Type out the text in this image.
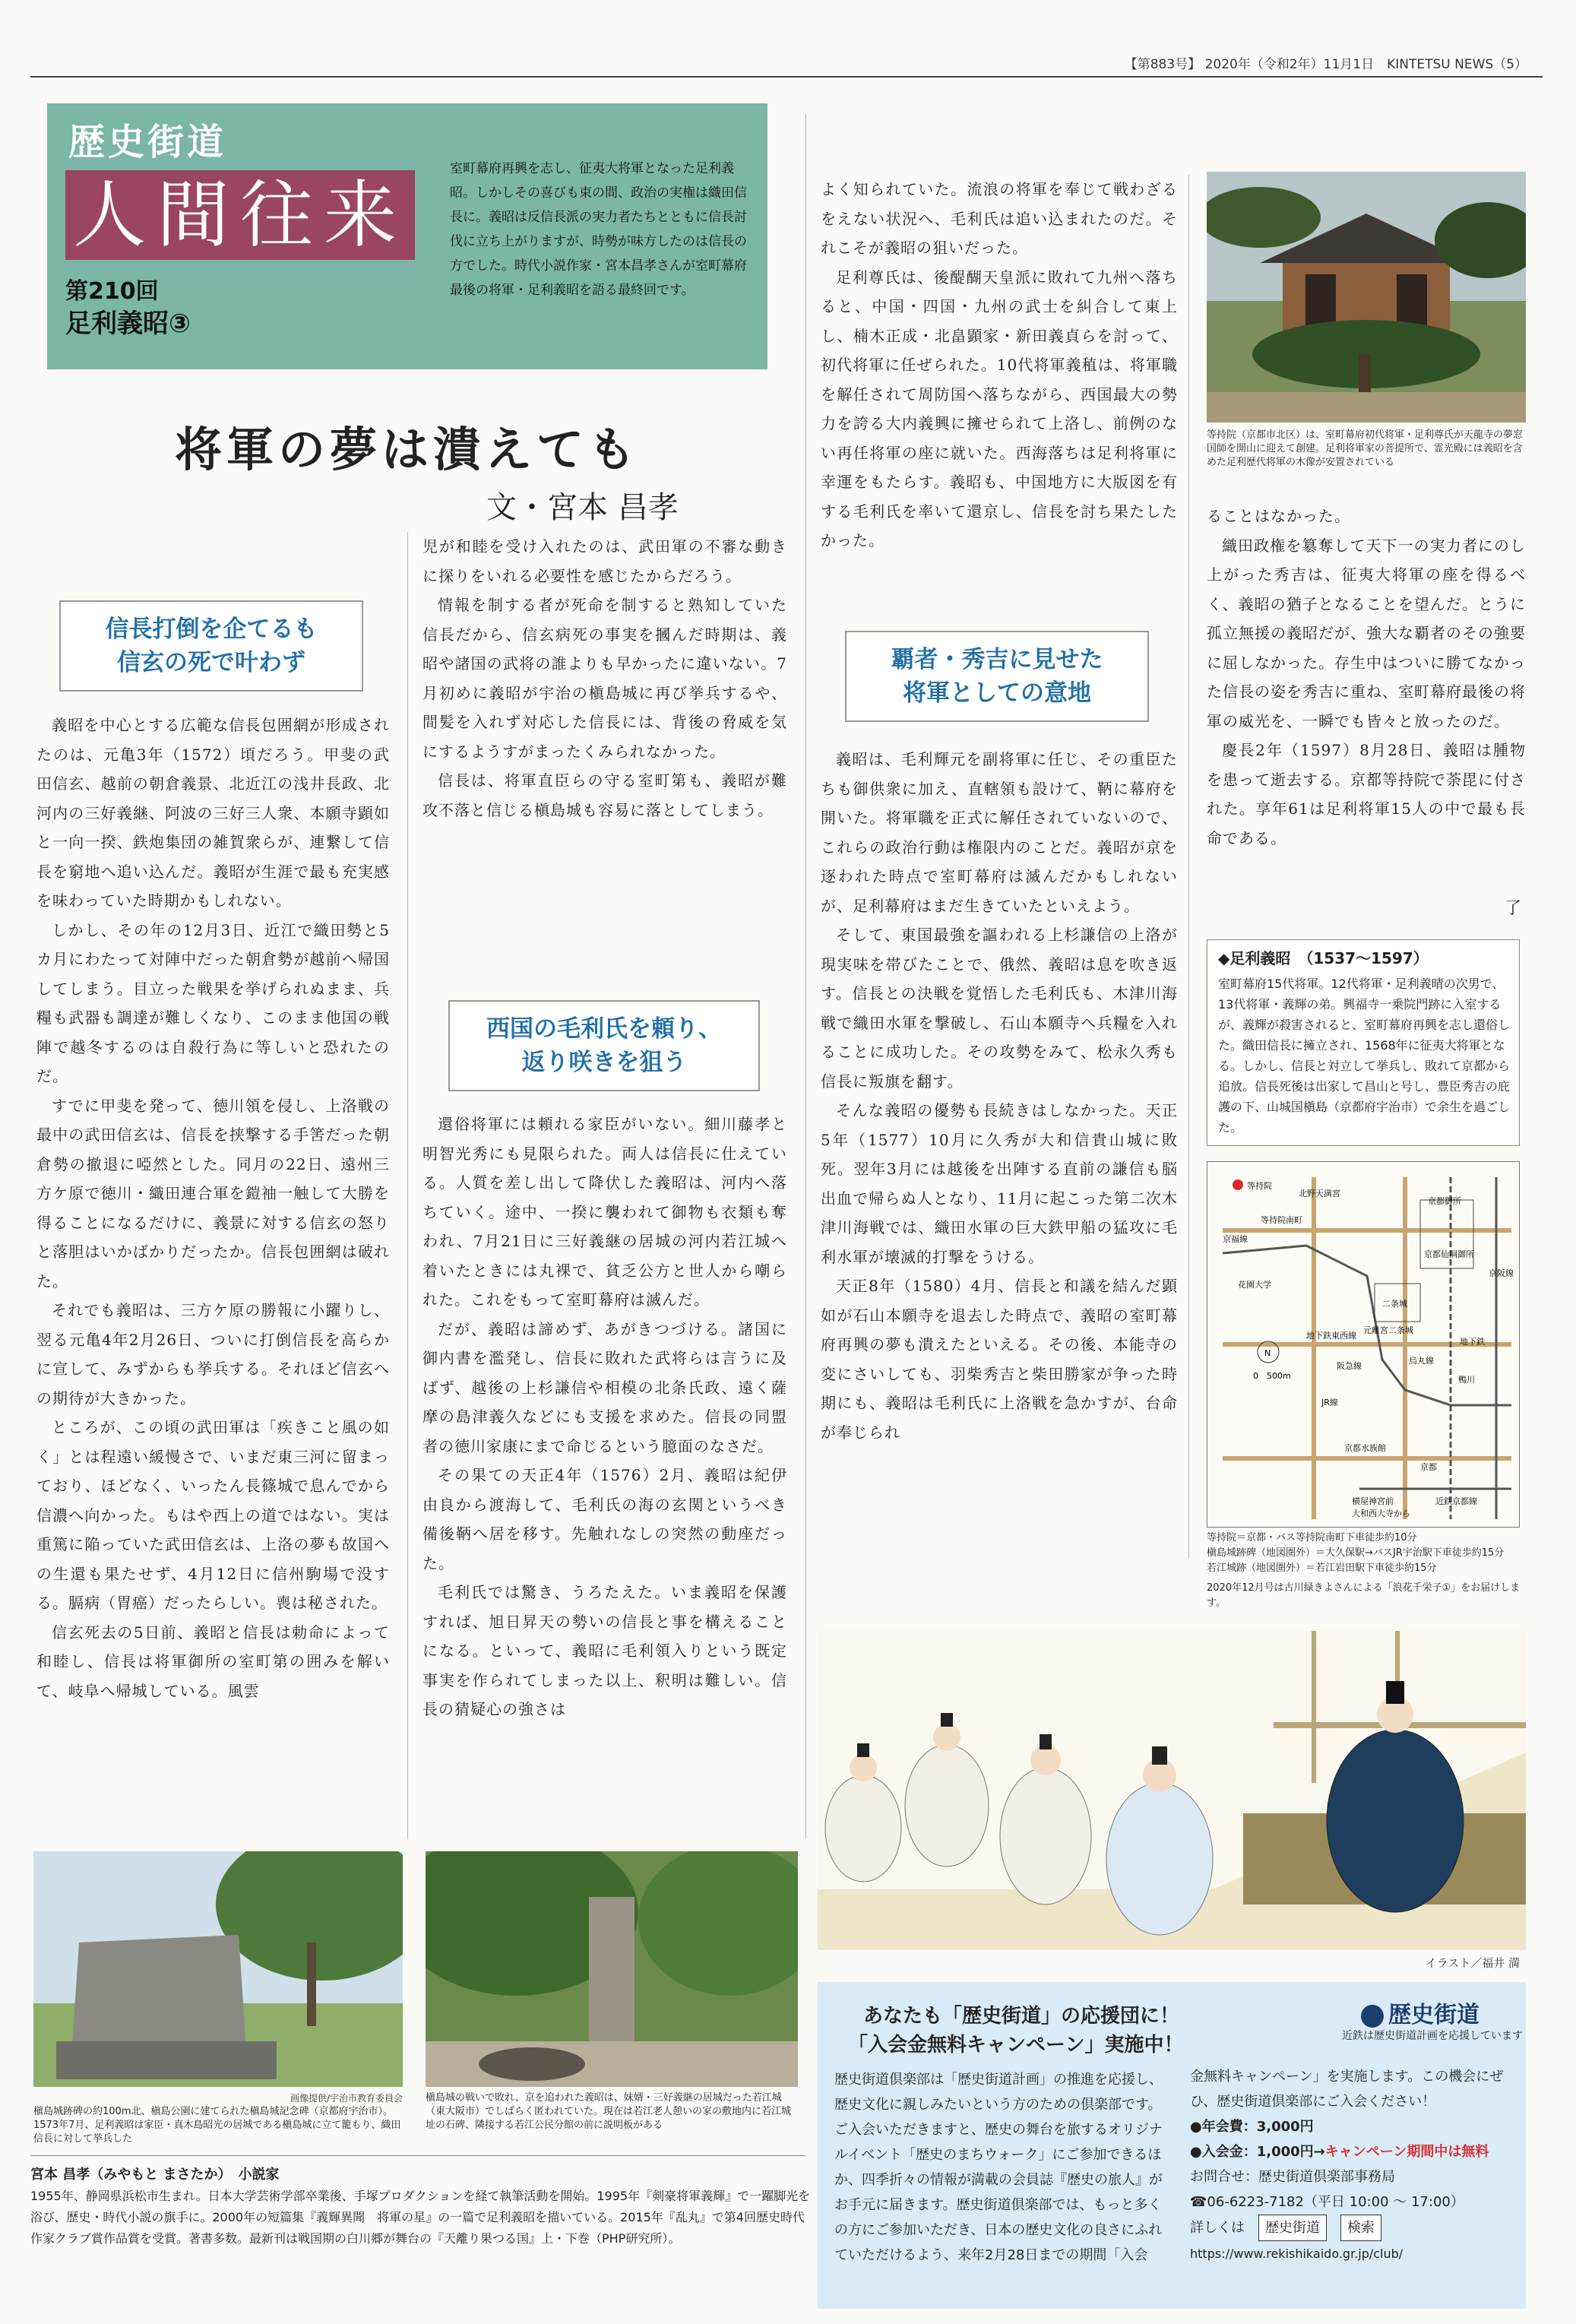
【第883号】 2020年（令和2年）11月1日　KINTETSU NEWS（5）
歴史街道
人間往来
第210回
足利義昭③
室町幕府再興を志し、征夷大将軍となった足利義昭。しかしその喜びも束の間、政治の実権は織田信長に。義昭は反信長派の実力者たちとともに信長討伐に立ち上がりますが、時勢が味方したのは信長の方でした。時代小説作家・宮本昌孝さんが室町幕府最後の将軍・足利義昭を語る最終回です。
将軍の夢は潰えても
文・宮本 昌孝
信長打倒を企てるも
信玄の死で叶わず
西国の毛利氏を頼り、
返り咲きを狙う
覇者・秀吉に見せた
将軍としての意地

義昭を中心とする広範な信長包囲網が形成されたのは、元亀3年（1572）頃だろう。甲斐の武田信玄、越前の朝倉義景、北近江の浅井長政、北河内の三好義継、阿波の三好三人衆、本願寺顕如と一向一揆、鉄炮集団の雑賀衆らが、連繋して信長を窮地へ追い込んだ。義昭が生涯で最も充実感を味わっていた時期かもしれない。

しかし、その年の12月3日、近江で織田勢と5カ月にわたって対陣中だった朝倉勢が越前へ帰国してしまう。目立った戦果を挙げられぬまま、兵糧も武器も調達が難しくなり、このまま他国の戦陣で越冬するのは自殺行為に等しいと恐れたのだ。

すでに甲斐を発って、徳川領を侵し、上洛戦の最中の武田信玄は、信長を挟撃する手筈だった朝倉勢の撤退に啞然とした。同月の22日、遠州三方ケ原で徳川・織田連合軍を鎧袖一触して大勝を得ることになるだけに、義景に対する信玄の怒りと落胆はいかばかりだったか。信長包囲網は破れた。

それでも義昭は、三方ケ原の勝報に小躍りし、翌る元亀4年2月26日、ついに打倒信長を高らかに宣して、みずからも挙兵する。それほど信玄への期待が大きかった。

ところが、この頃の武田軍は「疾きこと風の如く」とは程遠い緩慢さで、いまだ東三河に留まっており、ほどなく、いったん長篠城で息んでから信濃へ向かった。もはや西上の道ではない。実は重篤に陥っていた武田信玄は、上洛の夢も故国への生還も果たせず、4月12日に信州駒場で没する。膈病（胃癌）だったらしい。喪は秘された。

信玄死去の5日前、義昭と信長は勅命によって和睦し、信長は将軍御所の室町第の囲みを解いて、岐阜へ帰城している。風雲

児が和睦を受け入れたのは、武田軍の不審な動きに探りをいれる必要性を感じたからだろう。

情報を制する者が死命を制すると熟知していた信長だから、信玄病死の事実を摑んだ時期は、義昭や諸国の武将の誰よりも早かったに違いない。7月初めに義昭が宇治の槇島城に再び挙兵するや、間髪を入れず対応した信長には、背後の脅威を気にするようすがまったくみられなかった。

信長は、将軍直臣らの守る室町第も、義昭が難攻不落と信じる槇島城も容易に落としてしまう。

還俗将軍には頼れる家臣がいない。細川藤孝と明智光秀にも見限られた。両人は信長に仕えている。人質を差し出して降伏した義昭は、河内へ落ちていく。途中、一揆に襲われて御物も衣類も奪われ、7月21日に三好義継の居城の河内若江城へ着いたときには丸裸で、貧乏公方と世人から嘲られた。これをもって室町幕府は滅んだ。

だが、義昭は諦めず、あがきつづける。諸国に御内書を濫発し、信長に敗れた武将らは言うに及ばず、越後の上杉謙信や相模の北条氏政、遠く薩摩の島津義久などにも支援を求めた。信長の同盟者の徳川家康にまで命じるという臆面のなさだ。

その果ての天正4年（1576）2月、義昭は紀伊由良から渡海して、毛利氏の海の玄関というべき備後鞆へ居を移す。先触れなしの突然の動座だった。

毛利氏では驚き、うろたえた。いま義昭を保護すれば、旭日昇天の勢いの信長と事を構えることになる。といって、義昭に毛利領入りという既定事実を作られてしまった以上、釈明は難しい。信長の猜疑心の強さは

よく知られていた。流浪の将軍を奉じて戦わざるをえない状況へ、毛利氏は追い込まれたのだ。それこそが義昭の狙いだった。

足利尊氏は、後醍醐天皇派に敗れて九州へ落ちると、中国・四国・九州の武士を糾合して東上し、楠木正成・北畠顕家・新田義貞らを討って、初代将軍に任ぜられた。10代将軍義稙は、将軍職を解任されて周防国へ落ちながら、西国最大の勢力を誇る大内義興に擁せられて上洛し、前例のない再任将軍の座に就いた。西海落ちは足利将軍に幸運をもたらす。義昭も、中国地方に大版図を有する毛利氏を率いて還京し、信長を討ち果たしたかった。

義昭は、毛利輝元を副将軍に任じ、その重臣たちも御供衆に加え、直轄領も設けて、鞆に幕府を開いた。将軍職を正式に解任されていないので、これらの政治行動は権限内のことだ。義昭が京を逐われた時点で室町幕府は滅んだかもしれないが、足利幕府はまだ生きていたといえよう。

そして、東国最強を謳われる上杉謙信の上洛が現実味を帯びたことで、俄然、義昭は息を吹き返す。信長との決戦を覚悟した毛利氏も、木津川海戦で織田水軍を撃破し、石山本願寺へ兵糧を入れることに成功した。その攻勢をみて、松永久秀も信長に叛旗を翻す。

そんな義昭の優勢も長続きはしなかった。天正5年（1577）10月に久秀が大和信貴山城に敗死。翌年3月には越後を出陣する直前の謙信も脳出血で帰らぬ人となり、11月に起こった第二次木津川海戦では、織田水軍の巨大鉄甲船の猛攻に毛利水軍が壊滅的打撃をうける。

天正8年（1580）4月、信長と和議を結んだ顕如が石山本願寺を退去した時点で、義昭の室町幕府再興の夢も潰えたといえる。その後、本能寺の変にさいしても、羽柴秀吉と柴田勝家が争った時期にも、義昭は毛利氏に上洛戦を急かすが、台命が奉じられ

等持院（京都市北区）は、室町幕府初代将軍・足利尊氏が天龍寺の夢窓国師を開山に迎えて創建。足利将軍家の菩提所で、霊光殿には義昭を含めた足利歴代将軍の木像が安置されている

ることはなかった。

織田政権を簒奪して天下一の実力者にのし上がった秀吉は、征夷大将軍の座を得るべく、義昭の猶子となることを望んだ。とうに孤立無援の義昭だが、強大な覇者のその強要に屈しなかった。存生中はついに勝てなかった信長の姿を秀吉に重ね、室町幕府最後の将軍の威光を、一瞬でも皆々と放ったのだ。

慶長2年（1597）8月28日、義昭は腫物を患って逝去する。京都等持院で荼毘に付された。享年61は足利将軍15人の中で最も長命である。

了
◆足利義昭　（1537〜1597）
室町幕府15代将軍。12代将軍・足利義晴の次男で、13代将軍・義輝の弟。興福寺一乗院門跡に入室するが、義輝が殺害されると、室町幕府再興を志し還俗した。織田信長に擁立され、1568年に征夷大将軍となる。しかし、信長と対立して挙兵し、敗れて京都から追放。信長死後は出家して昌山と号し、豊臣秀吉の庇護の下、山城国槇島（京都府宇治市）で余生を過ごした。
N
0　500m
等持院
北野天満宮
京都御所
京阪線
京都仙洞御所
等持院南町
京福線
花園大学
二条城
元離宮二条城
地下鉄東西線
烏丸線
阪急線
鴨川
地下鉄
JR線
京都
京都水族館
近鉄京都線
横屋神宮前
大和西大寺から
等持院＝京都・バス等持院南町下車徒歩約10分
槇島城跡碑（地図圏外）＝大久保駅→バスJR宇治駅下車徒歩約15分
若江城跡（地図圏外）＝若江岩田駅下車徒歩約15分
2020年12月号は古川緑きよさんによる「浪花千栄子①」をお届けします。
画像提供/宇治市教育委員会
槇島城跡碑の約100m北、槇島公園に建てられた槇島城記念碑（京都府宇治市）。1573年7月、足利義昭は家臣・真木島昭光の居城である槇島城に立て籠もり、織田信長に対して挙兵した
槇島城の戦いで敗れ、京を追われた義昭は、妹婿・三好義継の居城だった若江城（東大阪市）でしばらく匿われていた。現在は若江老人憩いの家の敷地内に若江城址の石碑、隣接する若江公民分館の前に説明板がある
イラスト／福井 満
宮本 昌孝（みやもと まさたか）　小説家
1955年、静岡県浜松市生まれ。日本大学芸術学部卒業後、手塚プロダクションを経て執筆活動を開始。1995年『剣豪将軍義輝』で一躍脚光を浴び、歴史・時代小説の旗手に。2000年の短篇集『義輝異聞　将軍の星』の一篇で足利義昭を描いている。2015年『乱丸』で第4回歴史時代作家クラブ賞作品賞を受賞。著書多数。最新刊は戦国期の白川郷が舞台の『天離り果つる国』上・下巻（PHP研究所）。
あなたも「歴史街道」の応援団に！
「入会金無料キャンペーン」実施中！
歴史街道
近鉄は歴史街道計画を応援しています
歴史街道倶楽部は「歴史街道計画」の推進を応援し、歴史文化に親しみたいという方のための倶楽部です。ご入会いただきますと、歴史の舞台を旅するオリジナルイベント「歴史のまちウォーク」にご参加できるほか、四季折々の情報が満載の会員誌『歴史の旅人』がお手元に届きます。歴史街道倶楽部では、もっと多くの方にご参加いただき、日本の歴史文化の良さにふれていただけるよう、来年2月28日までの期間「入会
金無料キャンペーン」を実施します。この機会にぜひ、歴史街道倶楽部にご入会ください！
●年会費：3,000円
●入会金：1,000円→キャンペーン期間中は無料
お問合せ：歴史街道倶楽部事務局
☎06-6223-7182（平日 10:00 ～ 17:00）
詳しくは　 歴史街道　 検索
https://www.rekishikaido.gr.jp/club/
